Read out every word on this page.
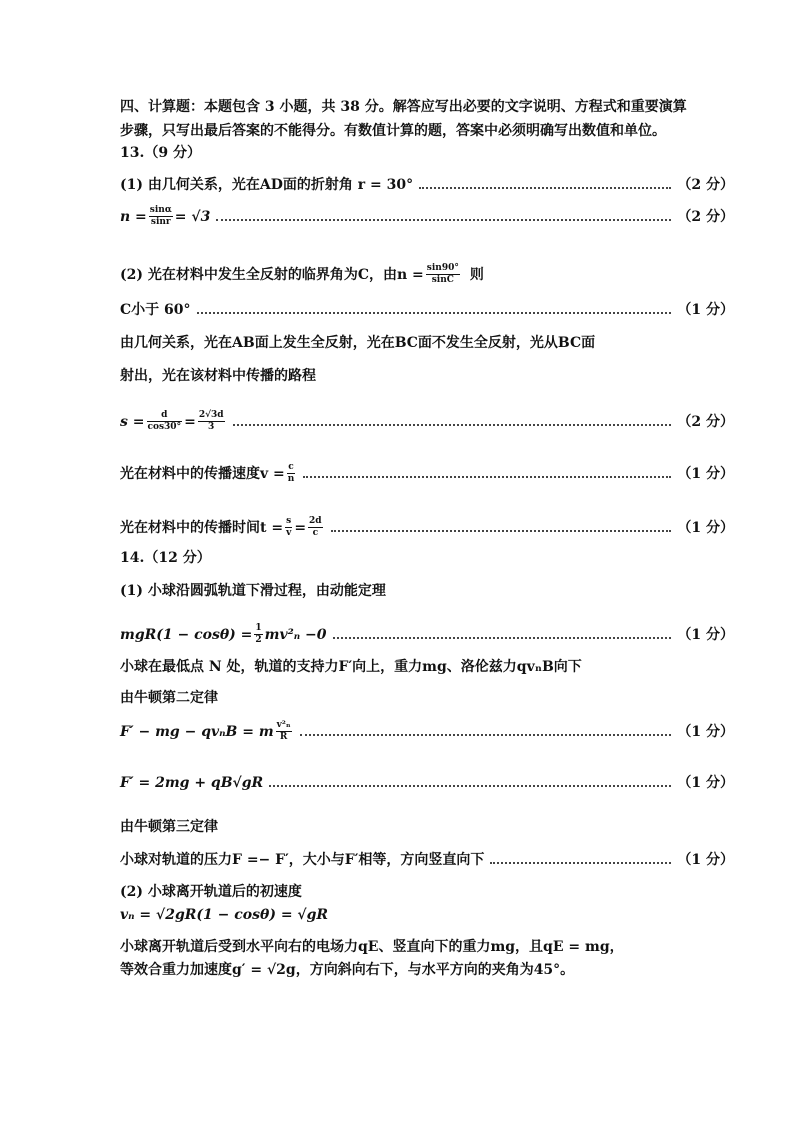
四、计算题：本题包含 3 小题，共 38 分。解答应写出必要的文字说明、方程式和重要演算
步骤，只写出最后答案的不能得分。有数值计算的题，答案中必须明确写出数值和单位。
13.（9 分）
(1) 由几何关系，光在AD面的折射角 r = 30°	（2 分）
$n = \frac{\sin\alpha}{\sin r} = √3$	（2 分）
(2) 光在材料中发生全反射的临界角为C，由$n = \frac{\sin 90^\circ}{\sin C}$ 则
C小于 60°	（1 分）
由几何关系，光在AB面上发生全反射，光在BC面不发生全反射，光从BC面
射出，光在该材料中传播的路程
$s = \frac{d}{\cos 30^\circ} = \frac{2√3d}{3}$	（2 分）
光在材料中的传播速度$v = \frac{c}{n}$	（1 分）
光在材料中的传播时间$t = \frac{s}{v} = \frac{2d}{c}$	（1 分）
14.（12 分）
(1) 小球沿圆弧轨道下滑过程，由动能定理
$mgR(1 - \cos\theta) = \frac{1}{2} mv^2_n -0$	（1 分）
小球在最低点 N 处，轨道的支持力F′向上，重力mg、洛伦兹力qvₙB向下
由牛顿第二定律
F′ − mg − qvₙB = m $\frac{\text{v²ₙ}}{R}$	（1 分）
F′ = 2mg + qB√gR	（1 分）
由牛顿第三定律
小球对轨道的压力F =− F′，大小与F′相等，方向竖直向下	（1 分）
(2) 小球离开轨道后的初速度
vₙ = √2gR(1 − cosθ) = √gR
小球离开轨道后受到水平向右的电场力qE、竖直向下的重力mg，且qE = mg，
等效合重力加速度g′ = √2g，方向斜向右下，与水平方向的夹角为45°。
